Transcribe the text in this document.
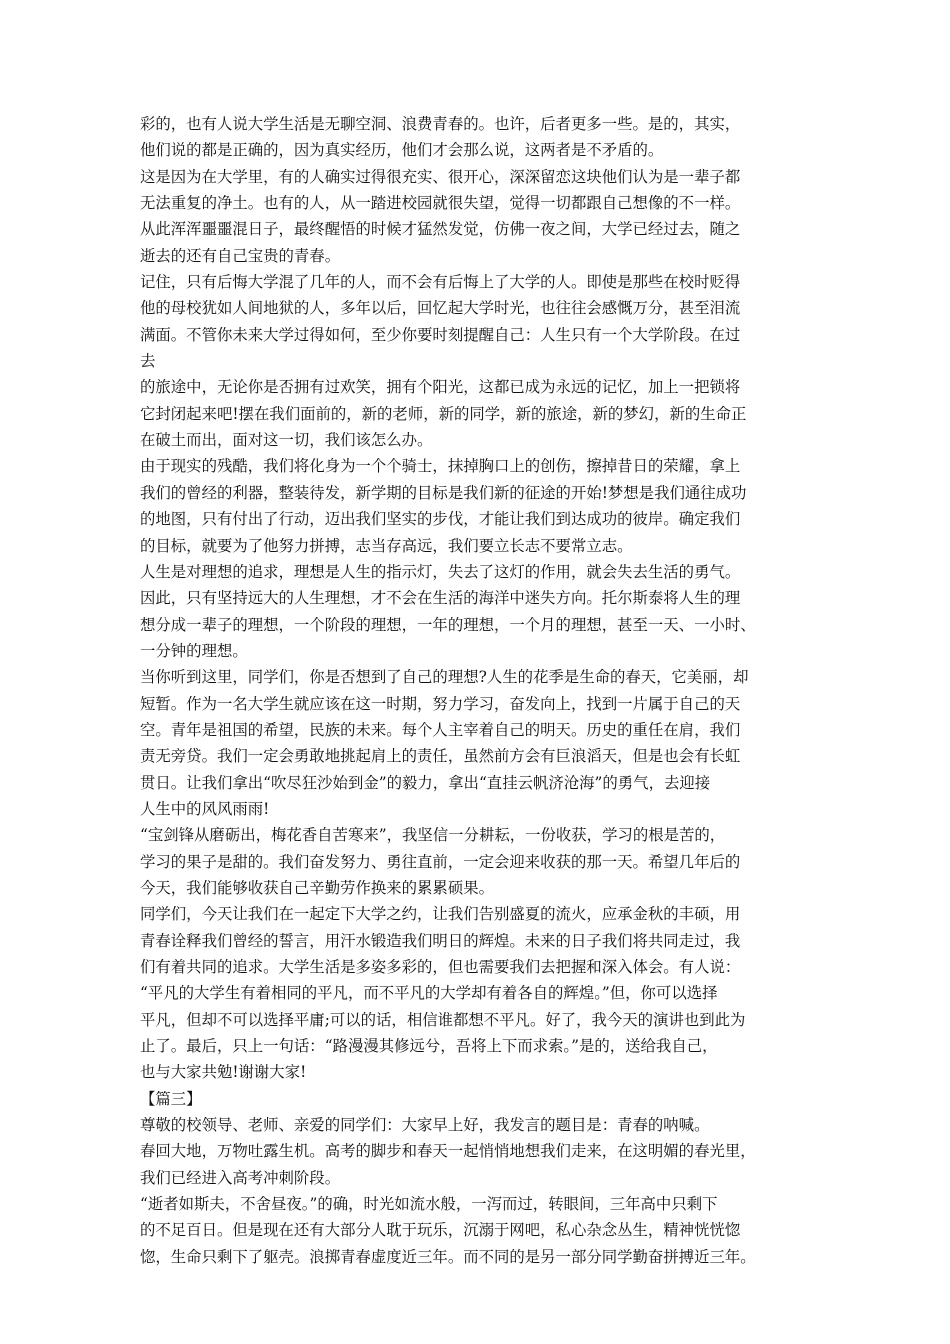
彩的，也有人说大学生活是无聊空洞、浪费青春的。也许，后者更多一些。是的，其实，
他们说的都是正确的，因为真实经历，他们才会那么说，这两者是不矛盾的。
这是因为在大学里，有的人确实过得很充实、很开心，深深留恋这块他们认为是一辈子都
无法重复的净土。也有的人，从一踏进校园就很失望，觉得一切都跟自己想像的不一样。
从此浑浑噩噩混日子，最终醒悟的时候才猛然发觉，仿佛一夜之间，大学已经过去，随之
逝去的还有自己宝贵的青春。
记住，只有后悔大学混了几年的人，而不会有后悔上了大学的人。即使是那些在校时贬得
他的母校犹如人间地狱的人，多年以后，回忆起大学时光，也往往会感慨万分，甚至泪流
满面。不管你未来大学过得如何，至少你要时刻提醒自己：人生只有一个大学阶段。在过
去
的旅途中，无论你是否拥有过欢笑，拥有个阳光，这都已成为永远的记忆，加上一把锁将
它封闭起来吧!摆在我们面前的，新的老师，新的同学，新的旅途，新的梦幻，新的生命正
在破土而出，面对这一切，我们该怎么办。
由于现实的残酷，我们将化身为一个个骑士，抹掉胸口上的创伤，擦掉昔日的荣耀，拿上
我们的曾经的利器，整装待发，新学期的目标是我们新的征途的开始!梦想是我们通往成功
的地图，只有付出了行动，迈出我们坚实的步伐，才能让我们到达成功的彼岸。确定我们
的目标，就要为了他努力拼搏，志当存高远，我们要立长志不要常立志。
人生是对理想的追求，理想是人生的指示灯，失去了这灯的作用，就会失去生活的勇气。
因此，只有坚持远大的人生理想，才不会在生活的海洋中迷失方向。托尔斯泰将人生的理
想分成一辈子的理想，一个阶段的理想，一年的理想，一个月的理想，甚至一天、一小时、
一分钟的理想。
当你听到这里，同学们，你是否想到了自己的理想?人生的花季是生命的春天，它美丽，却
短暂。作为一名大学生就应该在这一时期，努力学习，奋发向上，找到一片属于自己的天
空。青年是祖国的希望，民族的未来。每个人主宰着自己的明天。历史的重任在肩，我们
责无旁贷。我们一定会勇敢地挑起肩上的责任，虽然前方会有巨浪滔天，但是也会有长虹
贯日。让我们拿出“吹尽狂沙始到金”的毅力，拿出“直挂云帆济沧海”的勇气，去迎接
人生中的风风雨雨!
“宝剑锋从磨砺出，梅花香自苦寒来”，我坚信一分耕耘，一份收获，学习的根是苦的，
学习的果子是甜的。我们奋发努力、勇往直前，一定会迎来收获的那一天。希望几年后的
今天，我们能够收获自己辛勤劳作换来的累累硕果。
同学们，今天让我们在一起定下大学之约，让我们告别盛夏的流火，应承金秋的丰硕，用
青春诠释我们曾经的誓言，用汗水锻造我们明日的辉煌。未来的日子我们将共同走过，我
们有着共同的追求。大学生活是多姿多彩的，但也需要我们去把握和深入体会。有人说：
“平凡的大学生有着相同的平凡，而不平凡的大学却有着各自的辉煌。”但，你可以选择
平凡，但却不可以选择平庸;可以的话，相信谁都想不平凡。好了，我今天的演讲也到此为
止了。最后，只上一句话：“路漫漫其修远兮，吾将上下而求索。”是的，送给我自己，
也与大家共勉!谢谢大家!
【篇三】
尊敬的校领导、老师、亲爱的同学们：大家早上好，我发言的题目是：青春的呐喊。
春回大地，万物吐露生机。高考的脚步和春天一起悄悄地想我们走来，在这明媚的春光里，
我们已经进入高考冲刺阶段。
“逝者如斯夫，不舍昼夜。”的确，时光如流水般，一泻而过，转眼间，三年高中只剩下
的不足百日。但是现在还有大部分人耽于玩乐，沉溺于网吧，私心杂念丛生，精神恍恍惚
惚，生命只剩下了躯壳。浪掷青春虚度近三年。而不同的是另一部分同学勤奋拼搏近三年。
